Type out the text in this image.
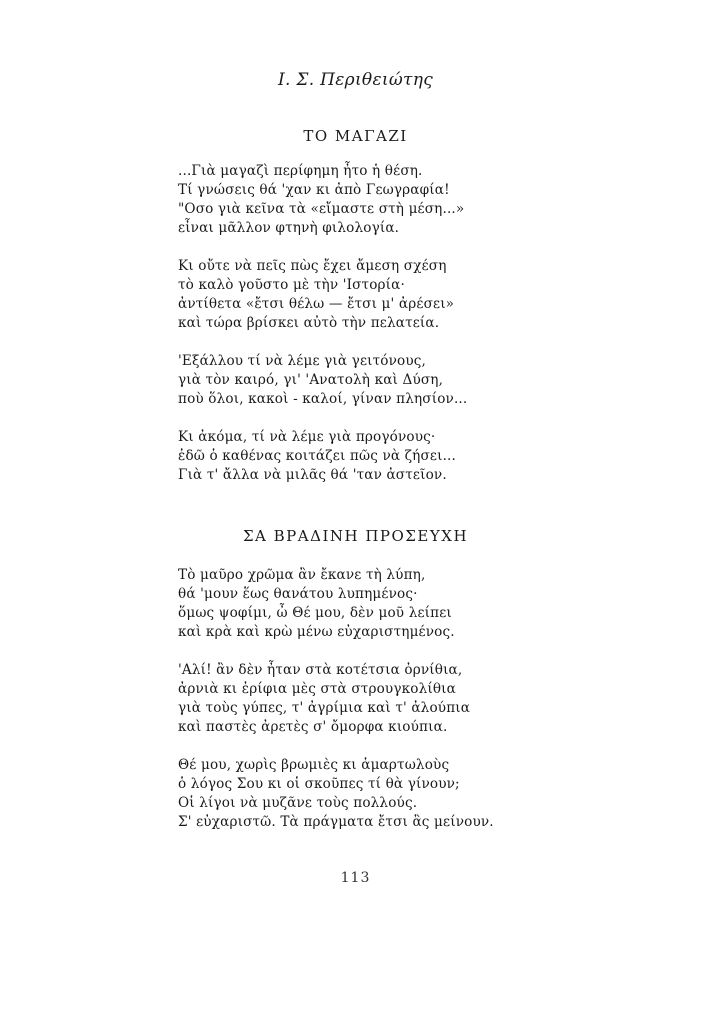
Ι. Σ. Περιθειώτης
ΤΟ ΜΑΓΑΖΙ
...Γιὰ μαγαζὶ περίφημη ἦτο ἡ θέση.
Τί γνώσεις θά 'χαν κι ἀπὸ Γεωγραφία!
"Οσο γιὰ κεῖνα τὰ «εἴμαστε στὴ μέση...»
εἶναι μᾶλλον φτηνὴ φιλολογία.
Κι οὔτε νὰ πεῖς πὼς ἔχει ἄμεση σχέση
τὸ καλὸ γοῦστο μὲ τὴν 'Ιστορία·
ἀντίθετα «ἔτσι θέλω — ἔτσι μ' ἀρέσει»
καὶ τώρα βρίσκει αὐτὸ τὴν πελατεία.
'Εξάλλου τί νὰ λέμε γιὰ γειτόνους,
γιὰ τὸν καιρό, γι' 'Ανατολὴ καὶ Δύση,
ποὺ ὅλοι, κακοὶ - καλοί, γίναν πλησίον...
Κι ἀκόμα, τί νὰ λέμε γιὰ προγόνους·
ἐδῶ ὁ καθένας κοιτάζει πῶς νὰ ζήσει...
Γιὰ τ' ἄλλα νὰ μιλᾶς θά 'ταν ἀστεῖον.
ΣΑ ΒΡΑΔΙΝΗ ΠΡΟΣΕΥΧΗ
Τὸ μαῦρο χρῶμα ἂν ἔκανε τὴ λύπη,
θά 'μουν ἕως θανάτου λυπημένος·
ὅμως ψοφίμι, ὦ Θέ μου, δὲν μοῦ λείπει
καὶ κρὰ καὶ κρὼ μένω εὐχαριστημένος.
'Αλί! ἂν δὲν ἦταν στὰ κοτέτσια ὀρνίθια,
ἀρνιὰ κι ἐρίφια μὲς στὰ στρουγκολίθια
γιὰ τοὺς γύπες, τ' ἀγρίμια καὶ τ' ἀλούπια
καὶ παστὲς ἀρετὲς σ' ὄμορφα κιούπια.
Θέ μου, χωρὶς βρωμιὲς κι ἁμαρτωλοὺς
ὁ λόγος Σου κι οἱ σκοῦπες τί θὰ γίνουν;
Οἱ λίγοι νὰ μυζᾶνε τοὺς πολλούς.
Σ' εὐχαριστῶ. Τὰ πράγματα ἔτσι ἂς μείνουν.
113
